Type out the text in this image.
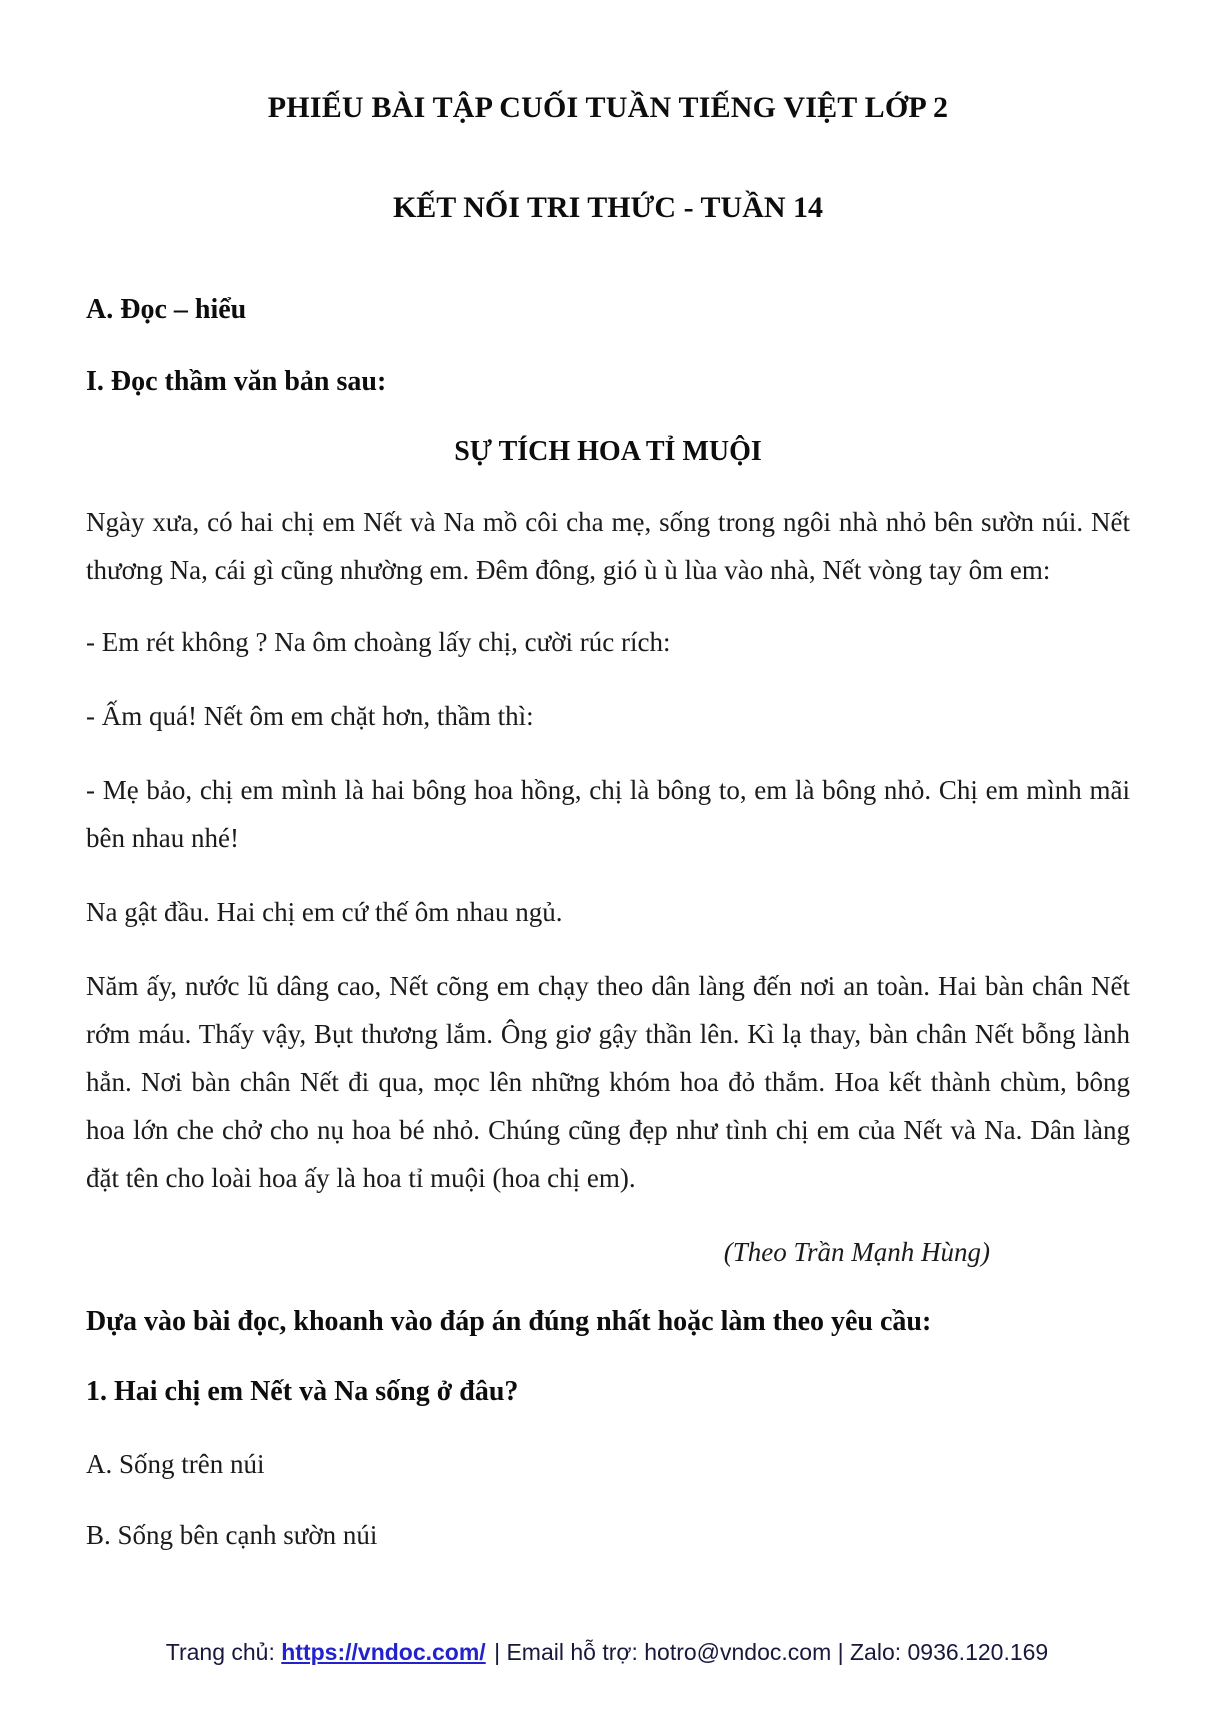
PHIẾU BÀI TẬP CUỐI TUẦN TIẾNG VIỆT LỚP 2
KẾT NỐI TRI THỨC - TUẦN 14
A. Đọc – hiểu
I. Đọc thầm văn bản sau:
SỰ TÍCH HOA TỈ MUỘI

Ngày xưa, có hai chị em Nết và Na mồ côi cha mẹ, sống trong ngôi nhà nhỏ bên sườn núi. Nết thương Na, cái gì cũng nhường em. Đêm đông, gió ù ù lùa vào nhà, Nết vòng tay ôm em:

- Em rét không ? Na ôm choàng lấy chị, cười rúc rích:

- Ấm quá! Nết ôm em chặt hơn, thầm thì:

- Mẹ bảo, chị em mình là hai bông hoa hồng, chị là bông to, em là bông nhỏ. Chị em mình mãi bên nhau nhé!

Na gật đầu. Hai chị em cứ thế ôm nhau ngủ.

Năm ấy, nước lũ dâng cao, Nết cõng em chạy theo dân làng đến nơi an toàn. Hai bàn chân Nết rớm máu. Thấy vậy, Bụt thương lắm. Ông giơ gậy thần lên. Kì lạ thay, bàn chân Nết bỗng lành hẳn. Nơi bàn chân Nết đi qua, mọc lên những khóm hoa đỏ thắm. Hoa kết thành chùm, bông hoa lớn che chở cho nụ hoa bé nhỏ. Chúng cũng đẹp như tình chị em của Nết và Na. Dân làng đặt tên cho loài hoa ấy là hoa tỉ muội (hoa chị em).

(Theo Trần Mạnh Hùng)
Dựa vào bài đọc, khoanh vào đáp án đúng nhất hoặc làm theo yêu cầu:
1. Hai chị em Nết và Na sống ở đâu?

A. Sống trên núi

B. Sống bên cạnh sườn núi

Trang chủ: https://vndoc.com/ | Email hỗ trợ: hotro@vndoc.com | Zalo: 0936.120.169
